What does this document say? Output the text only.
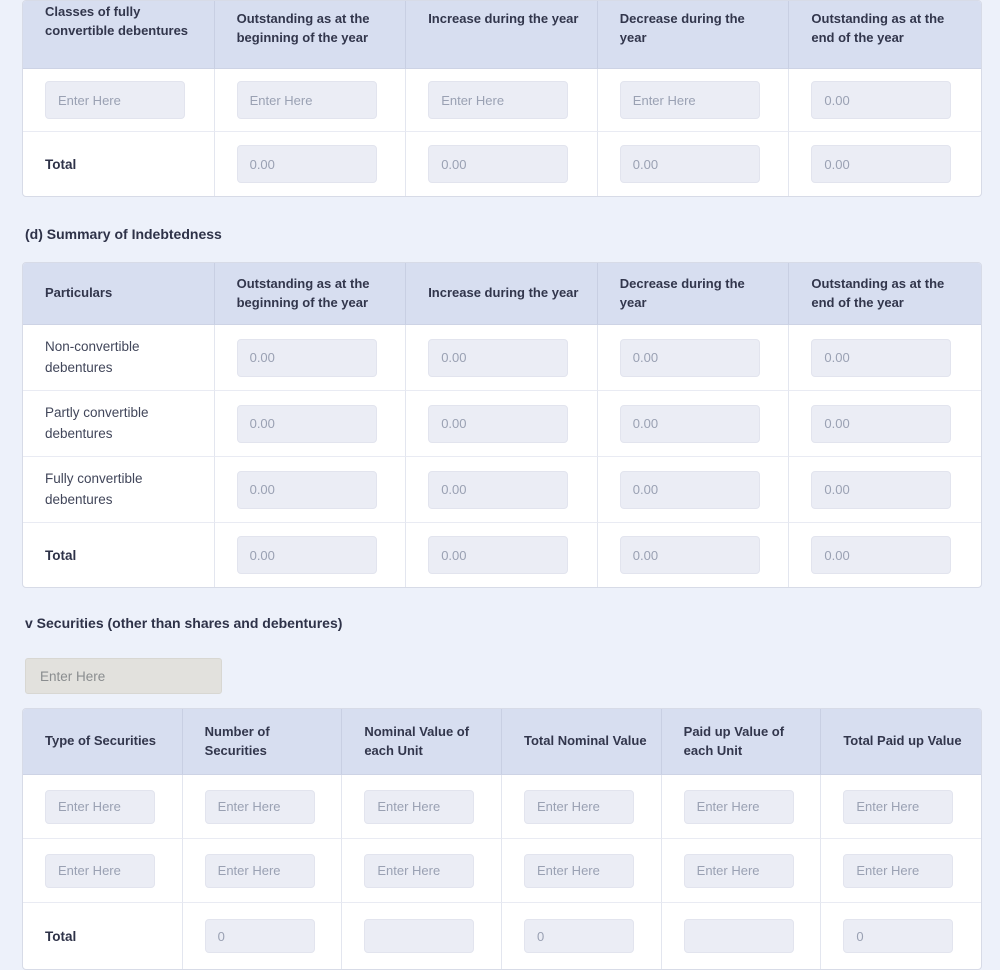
Classes of fully convertible debentures
Outstanding as at the beginning of the year
Increase during the year	Decrease during the year
Outstanding as at the end of the year
Enter Here
Enter Here
Enter Here
Enter Here
0.00
Total
0.00
0.00
0.00
0.00
(d) Summary of Indebtedness
Particulars
Outstanding as at the beginning of the year
Increase during the year
Decrease during the year
Outstanding as at the end of the year
Non-convertible debentures
0.00
0.00
0.00
0.00
Partly convertible debentures
0.00
0.00
0.00
0.00
Fully convertible debentures
0.00
0.00
0.00
0.00
Total
0.00
0.00
0.00
0.00
v Securities (other than shares and debentures)
Enter Here
Type of Securities
Number of Securities
Nominal Value of each Unit
Total Nominal Value
Paid up Value of each Unit
Total Paid up Value
Enter Here
Enter Here
Enter Here
Enter Here
Enter Here
Enter Here
Enter Here
Enter Here
Enter Here
Enter Here
Enter Here
Enter Here
Total
0
0
0
